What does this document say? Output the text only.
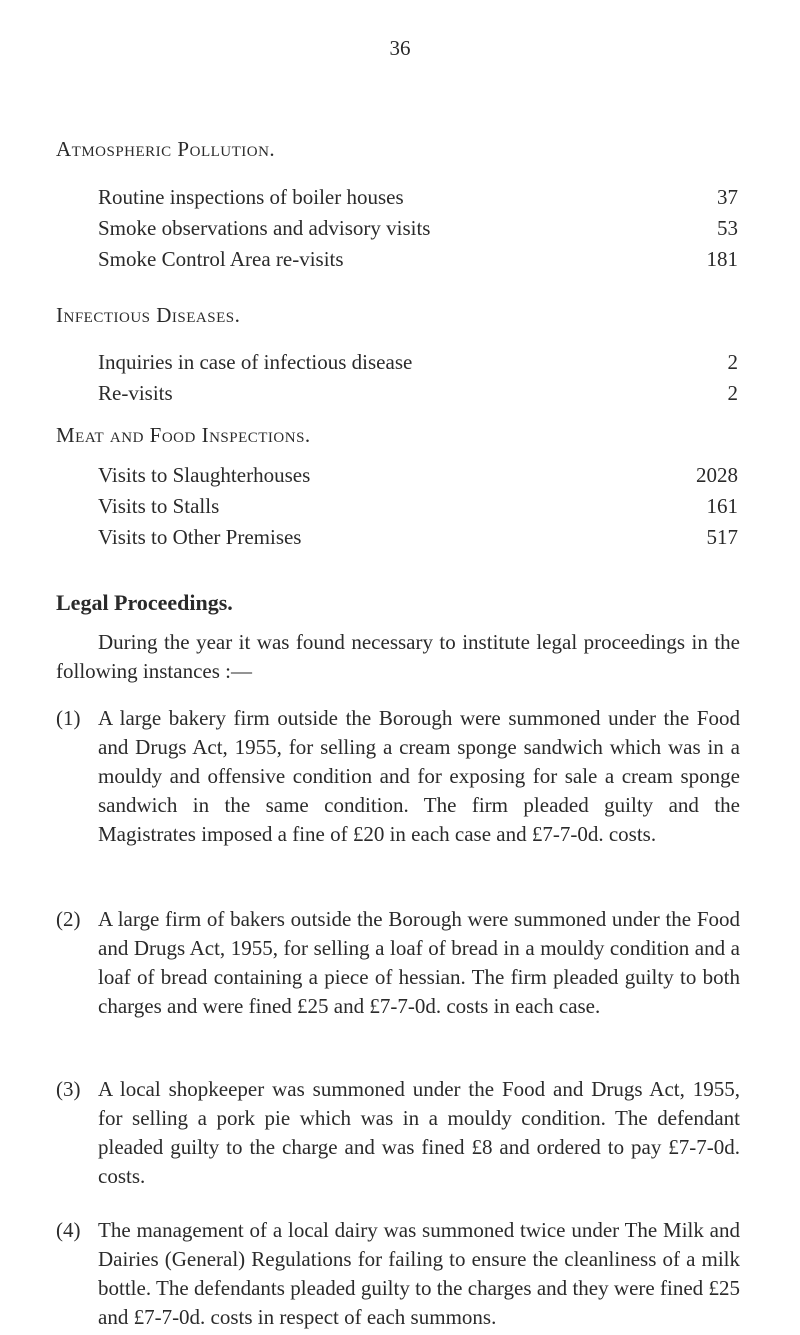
36
Atmospheric Pollution.
Routine inspections of boiler houses	37
Smoke observations and advisory visits	53
Smoke Control Area re-visits	181
Infectious Diseases.
Inquiries in case of infectious disease	2
Re-visits	2
Meat and Food Inspections.
Visits to Slaughterhouses	2028
Visits to Stalls	161
Visits to Other Premises	517
Legal Proceedings.

During the year it was found necessary to institute legal proceedings in the following instances :—

(1) A large bakery firm outside the Borough were summoned under the Food and Drugs Act, 1955, for selling a cream sponge sandwich which was in a mouldy and offensive condition and for exposing for sale a cream sponge sandwich in the same condition. The firm pleaded guilty and the Magistrates imposed a fine of £20 in each case and £7-7-0d. costs.

(2) A large firm of bakers outside the Borough were summoned under the Food and Drugs Act, 1955, for selling a loaf of bread in a mouldy condition and a loaf of bread containing a piece of hessian. The firm pleaded guilty to both charges and were fined £25 and £7-7-0d. costs in each case.

(3) A local shopkeeper was summoned under the Food and Drugs Act, 1955, for selling a pork pie which was in a mouldy condition. The defendant pleaded guilty to the charge and was fined £8 and ordered to pay £7-7-0d. costs.

(4) The management of a local dairy was summoned twice under The Milk and Dairies (General) Regulations for failing to ensure the cleanliness of a milk bottle. The defendants pleaded guilty to the charges and they were fined £25 and £7-7-0d. costs in respect of each summons.
